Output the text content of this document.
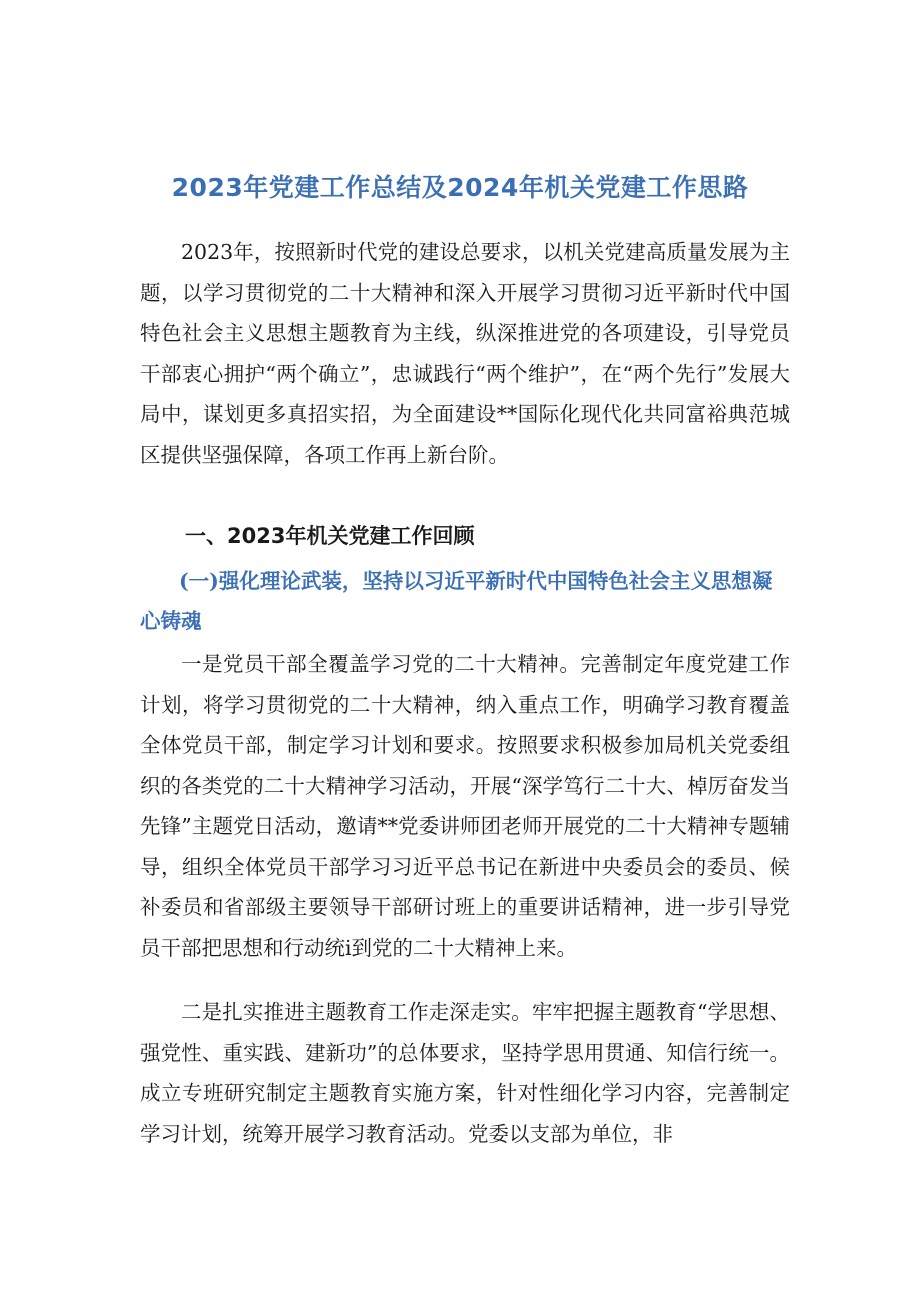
2023年党建工作总结及2024年机关党建工作思路

2023年，按照新时代党的建设总要求，以机关党建高质量发展为主题，以学习贯彻党的二十大精神和深入开展学习贯彻习近平新时代中国特色社会主义思想主题教育为主线，纵深推进党的各项建设，引导党员干部衷心拥护“两个确立”，忠诚践行“两个维护”，在“两个先行”发展大局中，谋划更多真招实招，为全面建设**国际化现代化共同富裕典范城区提供坚强保障，各项工作再上新台阶。

一、2023年机关党建工作回顾
(一)强化理论武装，坚持以习近平新时代中国特色社会主义思想凝心铸魂

一是党员干部全覆盖学习党的二十大精神。完善制定年度党建工作计划，将学习贯彻党的二十大精神，纳入重点工作，明确学习教育覆盖全体党员干部，制定学习计划和要求。按照要求积极参加局机关党委组织的各类党的二十大精神学习活动，开展“深学笃行二十大、棹厉奋发当先锋”主题党日活动，邀请**党委讲师团老师开展党的二十大精神专题辅导，组织全体党员干部学习习近平总书记在新进中央委员会的委员、候补委员和省部级主要领导干部研讨班上的重要讲话精神，进一步引导党员干部把思想和行动统i到党的二十大精神上来。

二是扎实推进主题教育工作走深走实。牢牢把握主题教育“学思想、强党性、重实践、建新功”的总体要求，坚持学思用贯通、知信行统一。成立专班研究制定主题教育实施方案，针对性细化学习内容，完善制定学习计划，统筹开展学习教育活动。党委以支部为单位，非
